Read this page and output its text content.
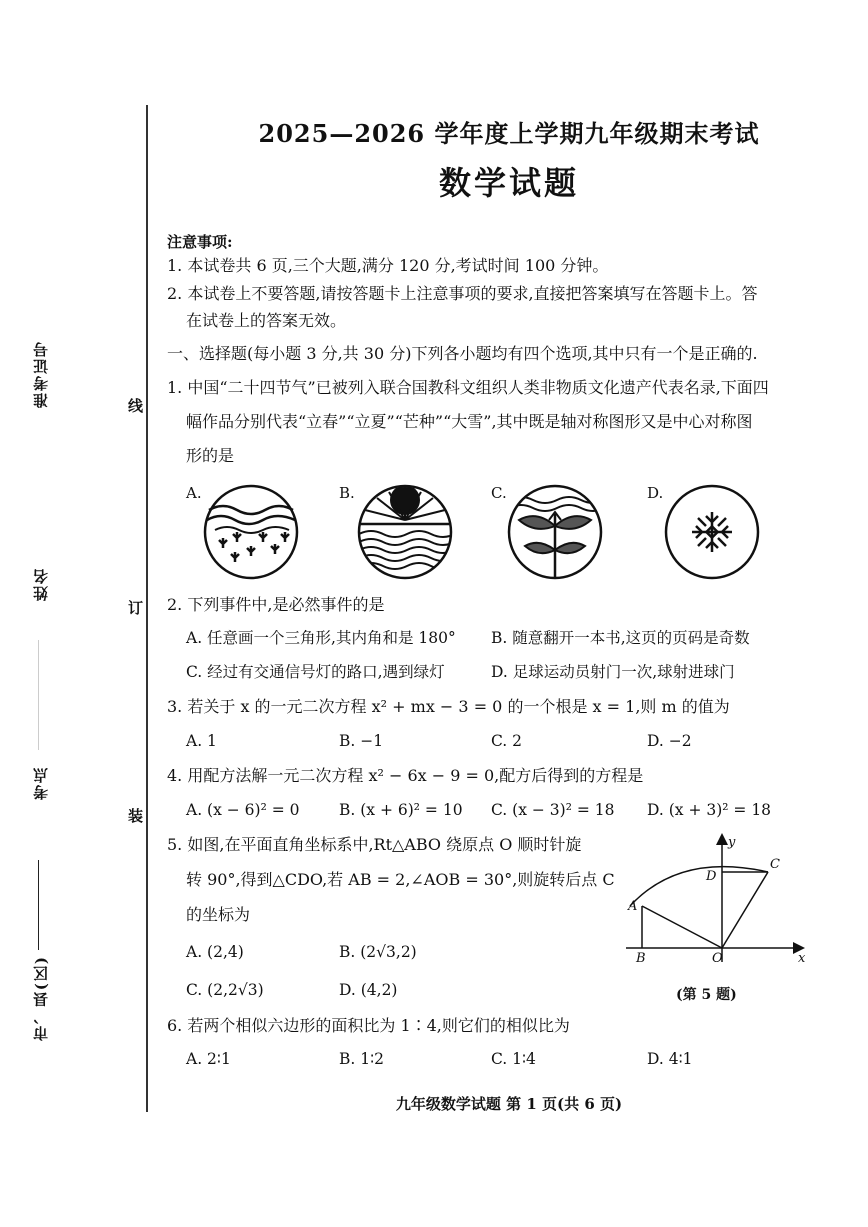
准考证号
姓名
考点
市、县(区)
线
订
装
2025—2026 学年度上学期九年级期末考试
数学试题
注意事项:
1. 本试卷共 6 页,三个大题,满分 120 分,考试时间 100 分钟。
2. 本试卷上不要答题,请按答题卡上注意事项的要求,直接把答案填写在答题卡上。答
在试卷上的答案无效。
一、选择题(每小题 3 分,共 30 分)下列各小题均有四个选项,其中只有一个是正确的.
1. 中国“二十四节气”已被列入联合国教科文组织人类非物质文化遗产代表名录,下面四
幅作品分别代表“立春”“立夏”“芒种”“大雪”,其中既是轴对称图形又是中心对称图
形的是
A.	B.	C.	D.
2. 下列事件中,是必然事件的是
A. 任意画一个三角形,其内角和是 180° B. 随意翻开一本书,这页的页码是奇数
C. 经过有交通信号灯的路口,遇到绿灯	D. 足球运动员射门一次,球射进球门
3. 若关于 x 的一元二次方程 x² + mx − 3 = 0 的一个根是 x = 1,则 m 的值为
A. 1	B. −1	C. 2	D. −2
4. 用配方法解一元二次方程 x² − 6x − 9 = 0,配方后得到的方程是
A. (x − 6)² = 0	B. (x + 6)² = 10 C. (x − 3)² = 18 D. (x + 3)² = 18
5. 如图,在平面直角坐标系中,Rt△ABO 绕原点 O 顺时针旋
转 90°,得到△CDO,若 AB = 2,∠AOB = 30°,则旋转后点 C
的坐标为
A. (2,4)	B. (2√3,2)
C. (2,2√3)	D. (4,2)
A
B
C
D
O	x
y
(第 5 题)
6. 若两个相似六边形的面积比为 1∶4,则它们的相似比为
A. 2∶1	B. 1∶2	C. 1∶4	D. 4∶1
九年级数学试题 第 1 页(共 6 页)
